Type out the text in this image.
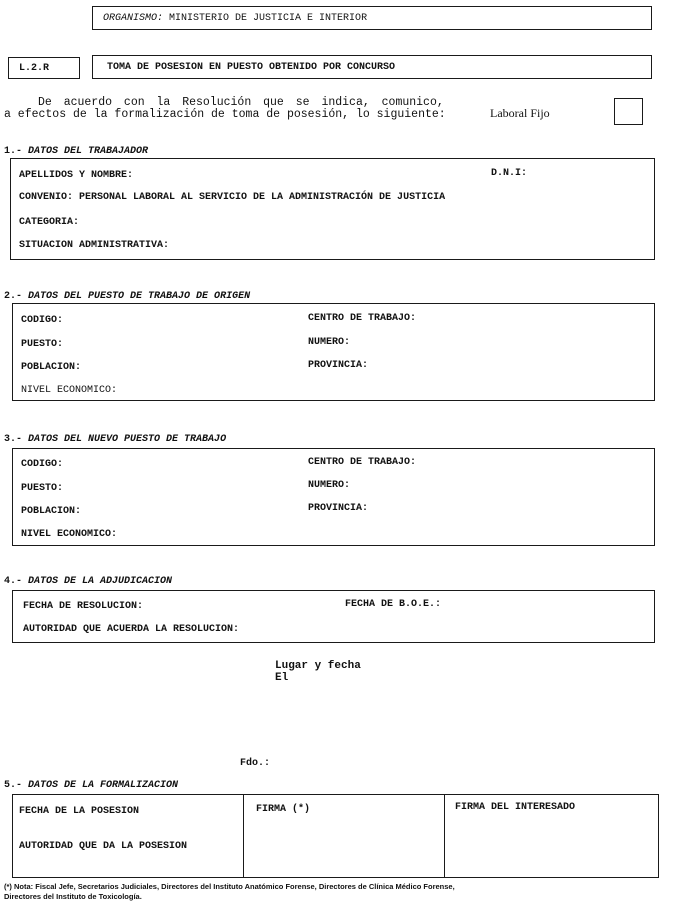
ORGANISMO: MINISTERIO DE JUSTICIA E INTERIOR
L.2.R	TOMA DE POSESION EN PUESTO OBTENIDO POR CONCURSO
De acuerdo con la Resolución que se indica, comunico,
a efectos de la formalización de toma de posesión, lo siguiente:	Laboral Fijo
1.- DATOS DEL TRABAJADOR
APELLIDOS Y NOMBRE:	D.N.I:
CONVENIO: PERSONAL LABORAL AL SERVICIO DE LA ADMINISTRACIÓN DE JUSTICIA
CATEGORIA:
SITUACION ADMINISTRATIVA:
2.- DATOS DEL PUESTO DE TRABAJO DE ORIGEN
CODIGO:	CENTRO DE TRABAJO:
PUESTO:	NUMERO:
POBLACION:	PROVINCIA:
NIVEL ECONOMICO:
3.- DATOS DEL NUEVO PUESTO DE TRABAJO
CODIGO:	CENTRO DE TRABAJO:
PUESTO:	NUMERO:
POBLACION:	PROVINCIA:
NIVEL ECONOMICO:
4.- DATOS DE LA ADJUDICACION
FECHA DE RESOLUCION:	FECHA DE B.O.E.:
AUTORIDAD QUE ACUERDA LA RESOLUCION:
Lugar y fecha
El
Fdo.:
5.- DATOS DE LA FORMALIZACION
FECHA DE LA POSESION
AUTORIDAD QUE DA LA POSESION
FIRMA (*)	FIRMA DEL INTERESADO
(*) Nota: Fiscal Jefe, Secretarios Judiciales, Directores del Instituto Anatómico Forense, Directores de Clínica Médico Forense,
Directores del Instituto de Toxicología.
